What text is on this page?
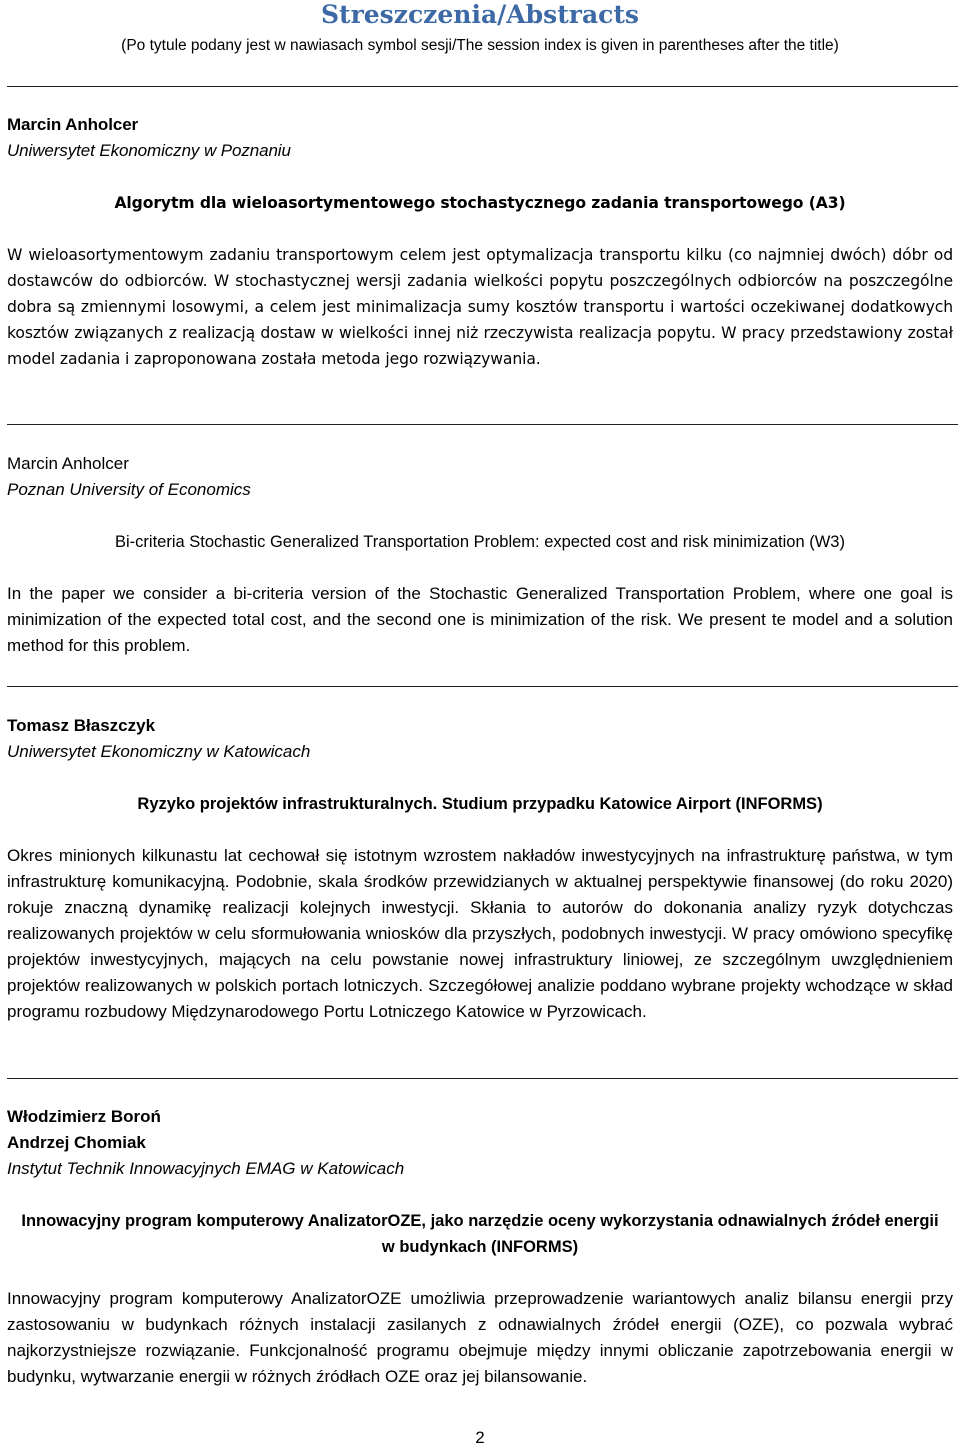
Streszczenia/Abstracts
(Po tytule podany jest w nawiasach symbol sesji/The session index is given in parentheses after the title)
Marcin Anholcer
Uniwersytet Ekonomiczny w Poznaniu
Algorytm dla wieloasortymentowego stochastycznego zadania transportowego (A3)
W wieloasortymentowym zadaniu transportowym celem jest optymalizacja transportu kilku (co najmniej dwóch) dóbr od dostawców do odbiorców. W stochastycznej wersji zadania wielkości popytu poszczególnych odbiorców na poszczególne dobra są zmiennymi losowymi, a celem jest minimalizacja sumy kosztów transportu i wartości oczekiwanej dodatkowych kosztów związanych z realizacją dostaw w wielkości innej niż rzeczywista realizacja popytu. W pracy przedstawiony został model zadania i zaproponowana została metoda jego rozwiązywania.
Marcin Anholcer
Poznan University of Economics
Bi-criteria Stochastic Generalized Transportation Problem: expected cost and risk minimization (W3)
In the paper we consider a bi-criteria version of the Stochastic Generalized Transportation Problem, where one goal is minimization of the expected total cost, and the second one is minimization of the risk. We present te model and a solution method for this problem.
Tomasz Błaszczyk
Uniwersytet Ekonomiczny w Katowicach
Ryzyko projektów infrastrukturalnych. Studium przypadku Katowice Airport (INFORMS)
Okres minionych kilkunastu lat cechował się istotnym wzrostem nakładów inwestycyjnych na infrastrukturę państwa, w tym infrastrukturę komunikacyjną. Podobnie, skala środków przewidzianych w aktualnej perspektywie finansowej (do roku 2020) rokuje znaczną dynamikę realizacji kolejnych inwestycji. Skłania to autorów do dokonania analizy ryzyk dotychczas realizowanych projektów w celu sformułowania wniosków dla przyszłych, podobnych inwestycji. W pracy omówiono specyfikę projektów inwestycyjnych, mających na celu powstanie nowej infrastruktury liniowej, ze szczególnym uwzględnieniem projektów realizowanych w polskich portach lotniczych. Szczegółowej analizie poddano wybrane projekty wchodzące w skład programu rozbudowy Międzynarodowego Portu Lotniczego Katowice w Pyrzowicach.
Włodzimierz Boroń
Andrzej Chomiak
Instytut Technik Innowacyjnych EMAG w Katowicach
Innowacyjny program komputerowy AnalizatorOZE, jako narzędzie oceny wykorzystania odnawialnych źródeł energii w budynkach (INFORMS)
Innowacyjny program komputerowy AnalizatorOZE umożliwia przeprowadzenie wariantowych analiz bilansu energii przy zastosowaniu w budynkach różnych instalacji zasilanych z odnawialnych źródeł energii (OZE), co pozwala wybrać najkorzystniejsze rozwiązanie. Funkcjonalność programu obejmuje między innymi obliczanie zapotrzebowania energii w budynku, wytwarzanie energii w różnych źródłach OZE oraz jej bilansowanie.
2
